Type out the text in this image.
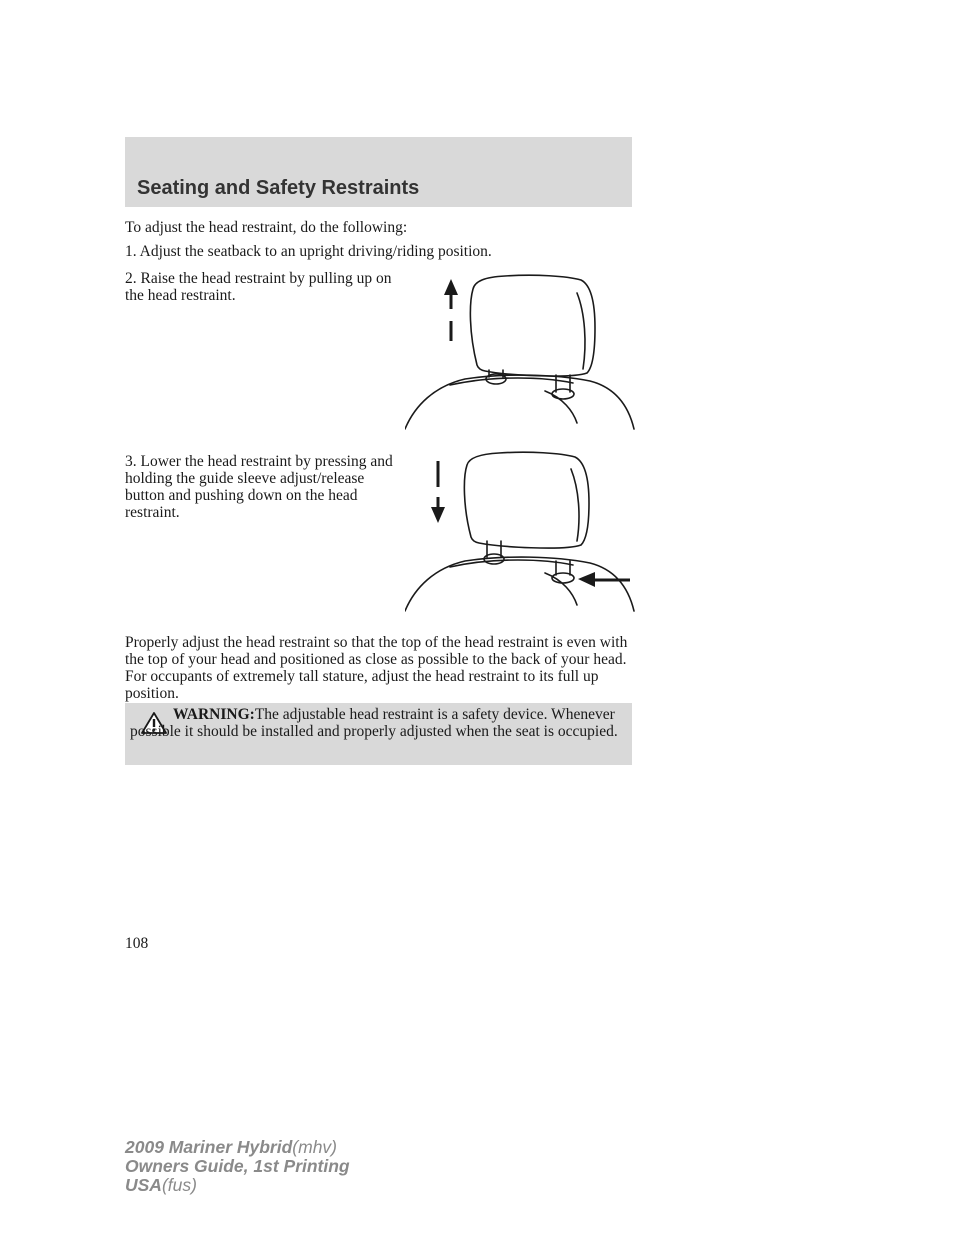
Seating and Safety Restraints

To adjust the head restraint, do the following:

1. Adjust the seatback to an upright driving/riding position.

2. Raise the head restraint by pulling up on the head restraint.

3. Lower the head restraint by pressing and holding the guide sleeve adjust/release button and pushing down on the head restraint.

Properly adjust the head restraint so that the top of the head restraint is even with the top of your head and positioned as close as possible to the back of your head. For occupants of extremely tall stature, adjust the head restraint to its full up position.

WARNING:The adjustable head restraint is a safety device. Whenever possible it should be installed and properly adjusted when the seat is occupied.

108
2009 Mariner Hybrid(mhv)
Owners Guide, 1st Printing
USA(fus)
